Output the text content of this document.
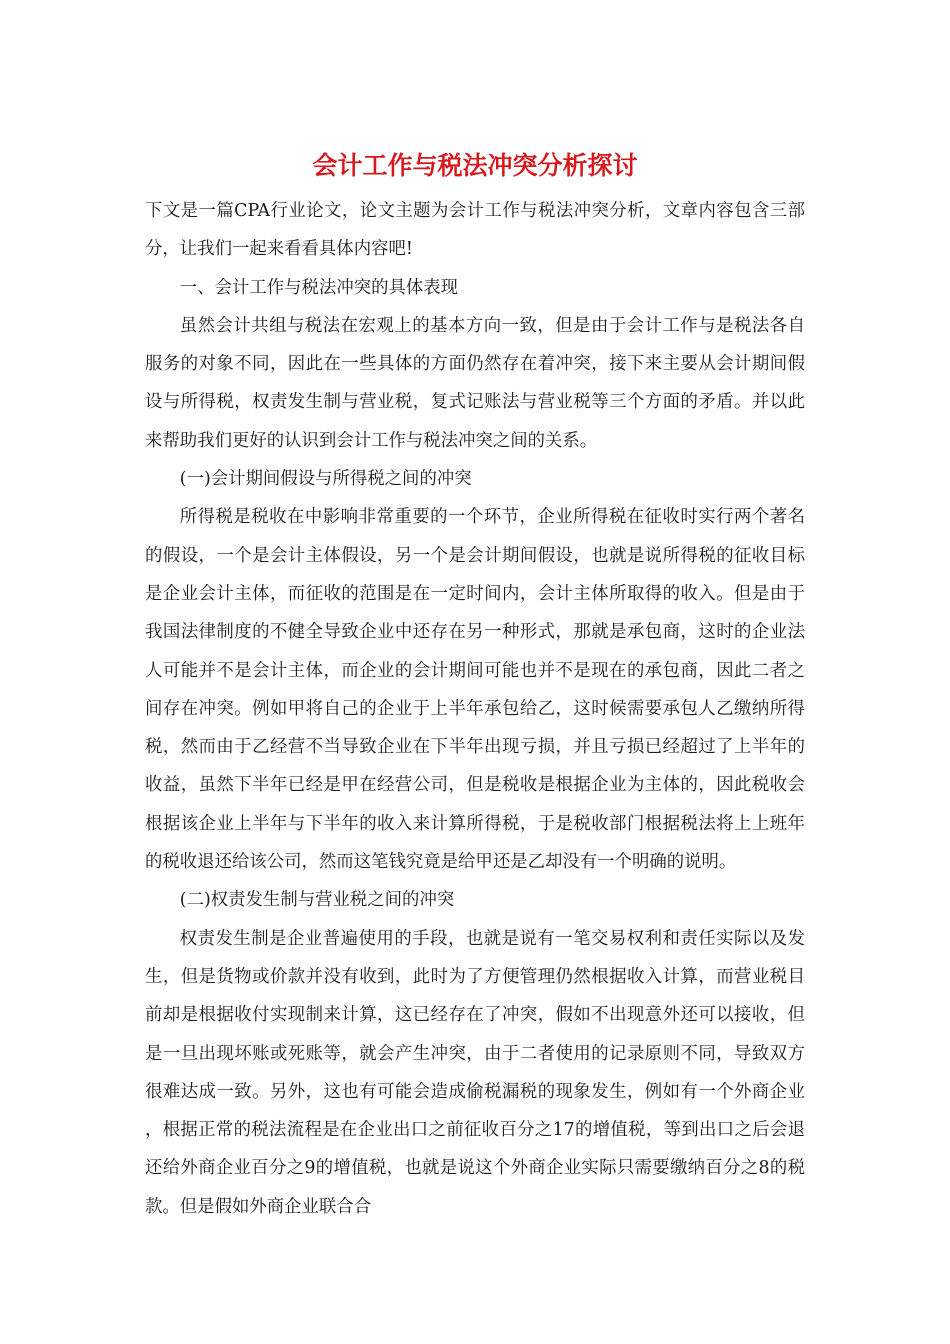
会计工作与税法冲突分析探讨

下文是一篇CPA行业论文，论文主题为会计工作与税法冲突分析，文章内容包含三部分，让我们一起来看看具体内容吧!

一、会计工作与税法冲突的具体表现

虽然会计共组与税法在宏观上的基本方向一致，但是由于会计工作与是税法各自服务的对象不同，因此在一些具体的方面仍然存在着冲突，接下来主要从会计期间假设与所得税，权责发生制与营业税，复式记账法与营业税等三个方面的矛盾。并以此来帮助我们更好的认识到会计工作与税法冲突之间的关系。

(一)会计期间假设与所得税之间的冲突

所得税是税收在中影响非常重要的一个环节，企业所得税在征收时实行两个著名的假设，一个是会计主体假设，另一个是会计期间假设，也就是说所得税的征收目标是企业会计主体，而征收的范围是在一定时间内，会计主体所取得的收入。但是由于我国法律制度的不健全导致企业中还存在另一种形式，那就是承包商，这时的企业法人可能并不是会计主体，而企业的会计期间可能也并不是现在的承包商，因此二者之间存在冲突。例如甲将自己的企业于上半年承包给乙，这时候需要承包人乙缴纳所得税，然而由于乙经营不当导致企业在下半年出现亏损，并且亏损已经超过了上半年的收益，虽然下半年已经是甲在经营公司，但是税收是根据企业为主体的，因此税收会根据该企业上半年与下半年的收入来计算所得税，于是税收部门根据税法将上上班年的税收退还给该公司，然而这笔钱究竟是给甲还是乙却没有一个明确的说明。

(二)权责发生制与营业税之间的冲突

权责发生制是企业普遍使用的手段，也就是说有一笔交易权利和责任实际以及发生，但是货物或价款并没有收到，此时为了方便管理仍然根据收入计算，而营业税目前却是根据收付实现制来计算，这已经存在了冲突，假如不出现意外还可以接收，但是一旦出现坏账或死账等，就会产生冲突，由于二者使用的记录原则不同，导致双方很难达成一致。另外，这也有可能会造成偷税漏税的现象发生，例如有一个外商企业，根据正常的税法流程是在企业出口之前征收百分之17的增值税，等到出口之后会退还给外商企业百分之9的增值税，也就是说这个外商企业实际只需要缴纳百分之8的税款。但是假如外商企业联合合
